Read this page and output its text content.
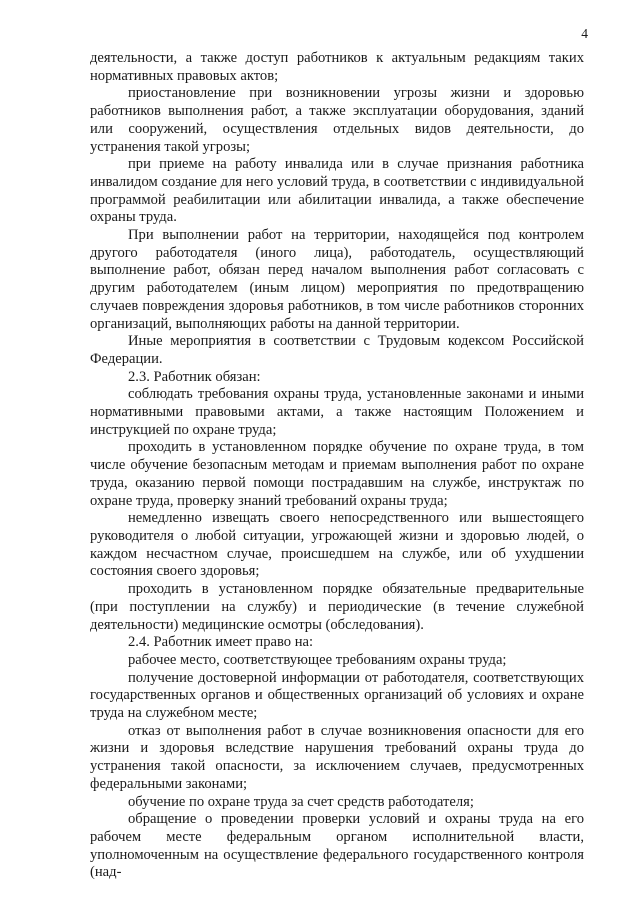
4

деятельности, а также доступ работников к актуальным редакциям таких нормативных правовых актов;

приостановление при возникновении угрозы жизни и здоровью работников выполнения работ, а также эксплуатации оборудования, зданий или сооружений, осуществления отдельных видов деятельности, до устранения такой угрозы;

при приеме на работу инвалида или в случае признания работника инвалидом создание для него условий труда, в соответствии с индивидуальной программой реабилитации или абилитации инвалида, а также обеспечение охраны труда.

При выполнении работ на территории, находящейся под контролем другого работодателя (иного лица), работодатель, осуществляющий выполнение работ, обязан перед началом выполнения работ согласовать с другим работодателем (иным лицом) мероприятия по предотвращению случаев повреждения здоровья работников, в том числе работников сторонних организаций, выполняющих работы на данной территории.

Иные мероприятия в соответствии с Трудовым кодексом Российской Федерации.

2.3. Работник обязан:

соблюдать требования охраны труда, установленные законами и иными нормативными правовыми актами, а также настоящим Положением и инструкцией по охране труда;

проходить в установленном порядке обучение по охране труда, в том числе обучение безопасным методам и приемам выполнения работ по охране труда, оказанию первой помощи пострадавшим на службе, инструктаж по охране труда, проверку знаний требований охраны труда;

немедленно извещать своего непосредственного или вышестоящего руководителя о любой ситуации, угрожающей жизни и здоровью людей, о каждом несчастном случае, происшедшем на службе, или об ухудшении состояния своего здоровья;

проходить в установленном порядке обязательные предварительные (при поступлении на службу) и периодические (в течение служебной деятельности) медицинские осмотры (обследования).

2.4. Работник имеет право на:

рабочее место, соответствующее требованиям охраны труда;

получение достоверной информации от работодателя, соответствующих государственных органов и общественных организаций об условиях и охране труда на служебном месте;

отказ от выполнения работ в случае возникновения опасности для его жизни и здоровья вследствие нарушения требований охраны труда до устранения такой опасности, за исключением случаев, предусмотренных федеральными законами;

обучение по охране труда за счет средств работодателя;

обращение о проведении проверки условий и охраны труда на его рабочем месте федеральным органом исполнительной власти, уполномоченным на осуществление федерального государственного контроля (над-
